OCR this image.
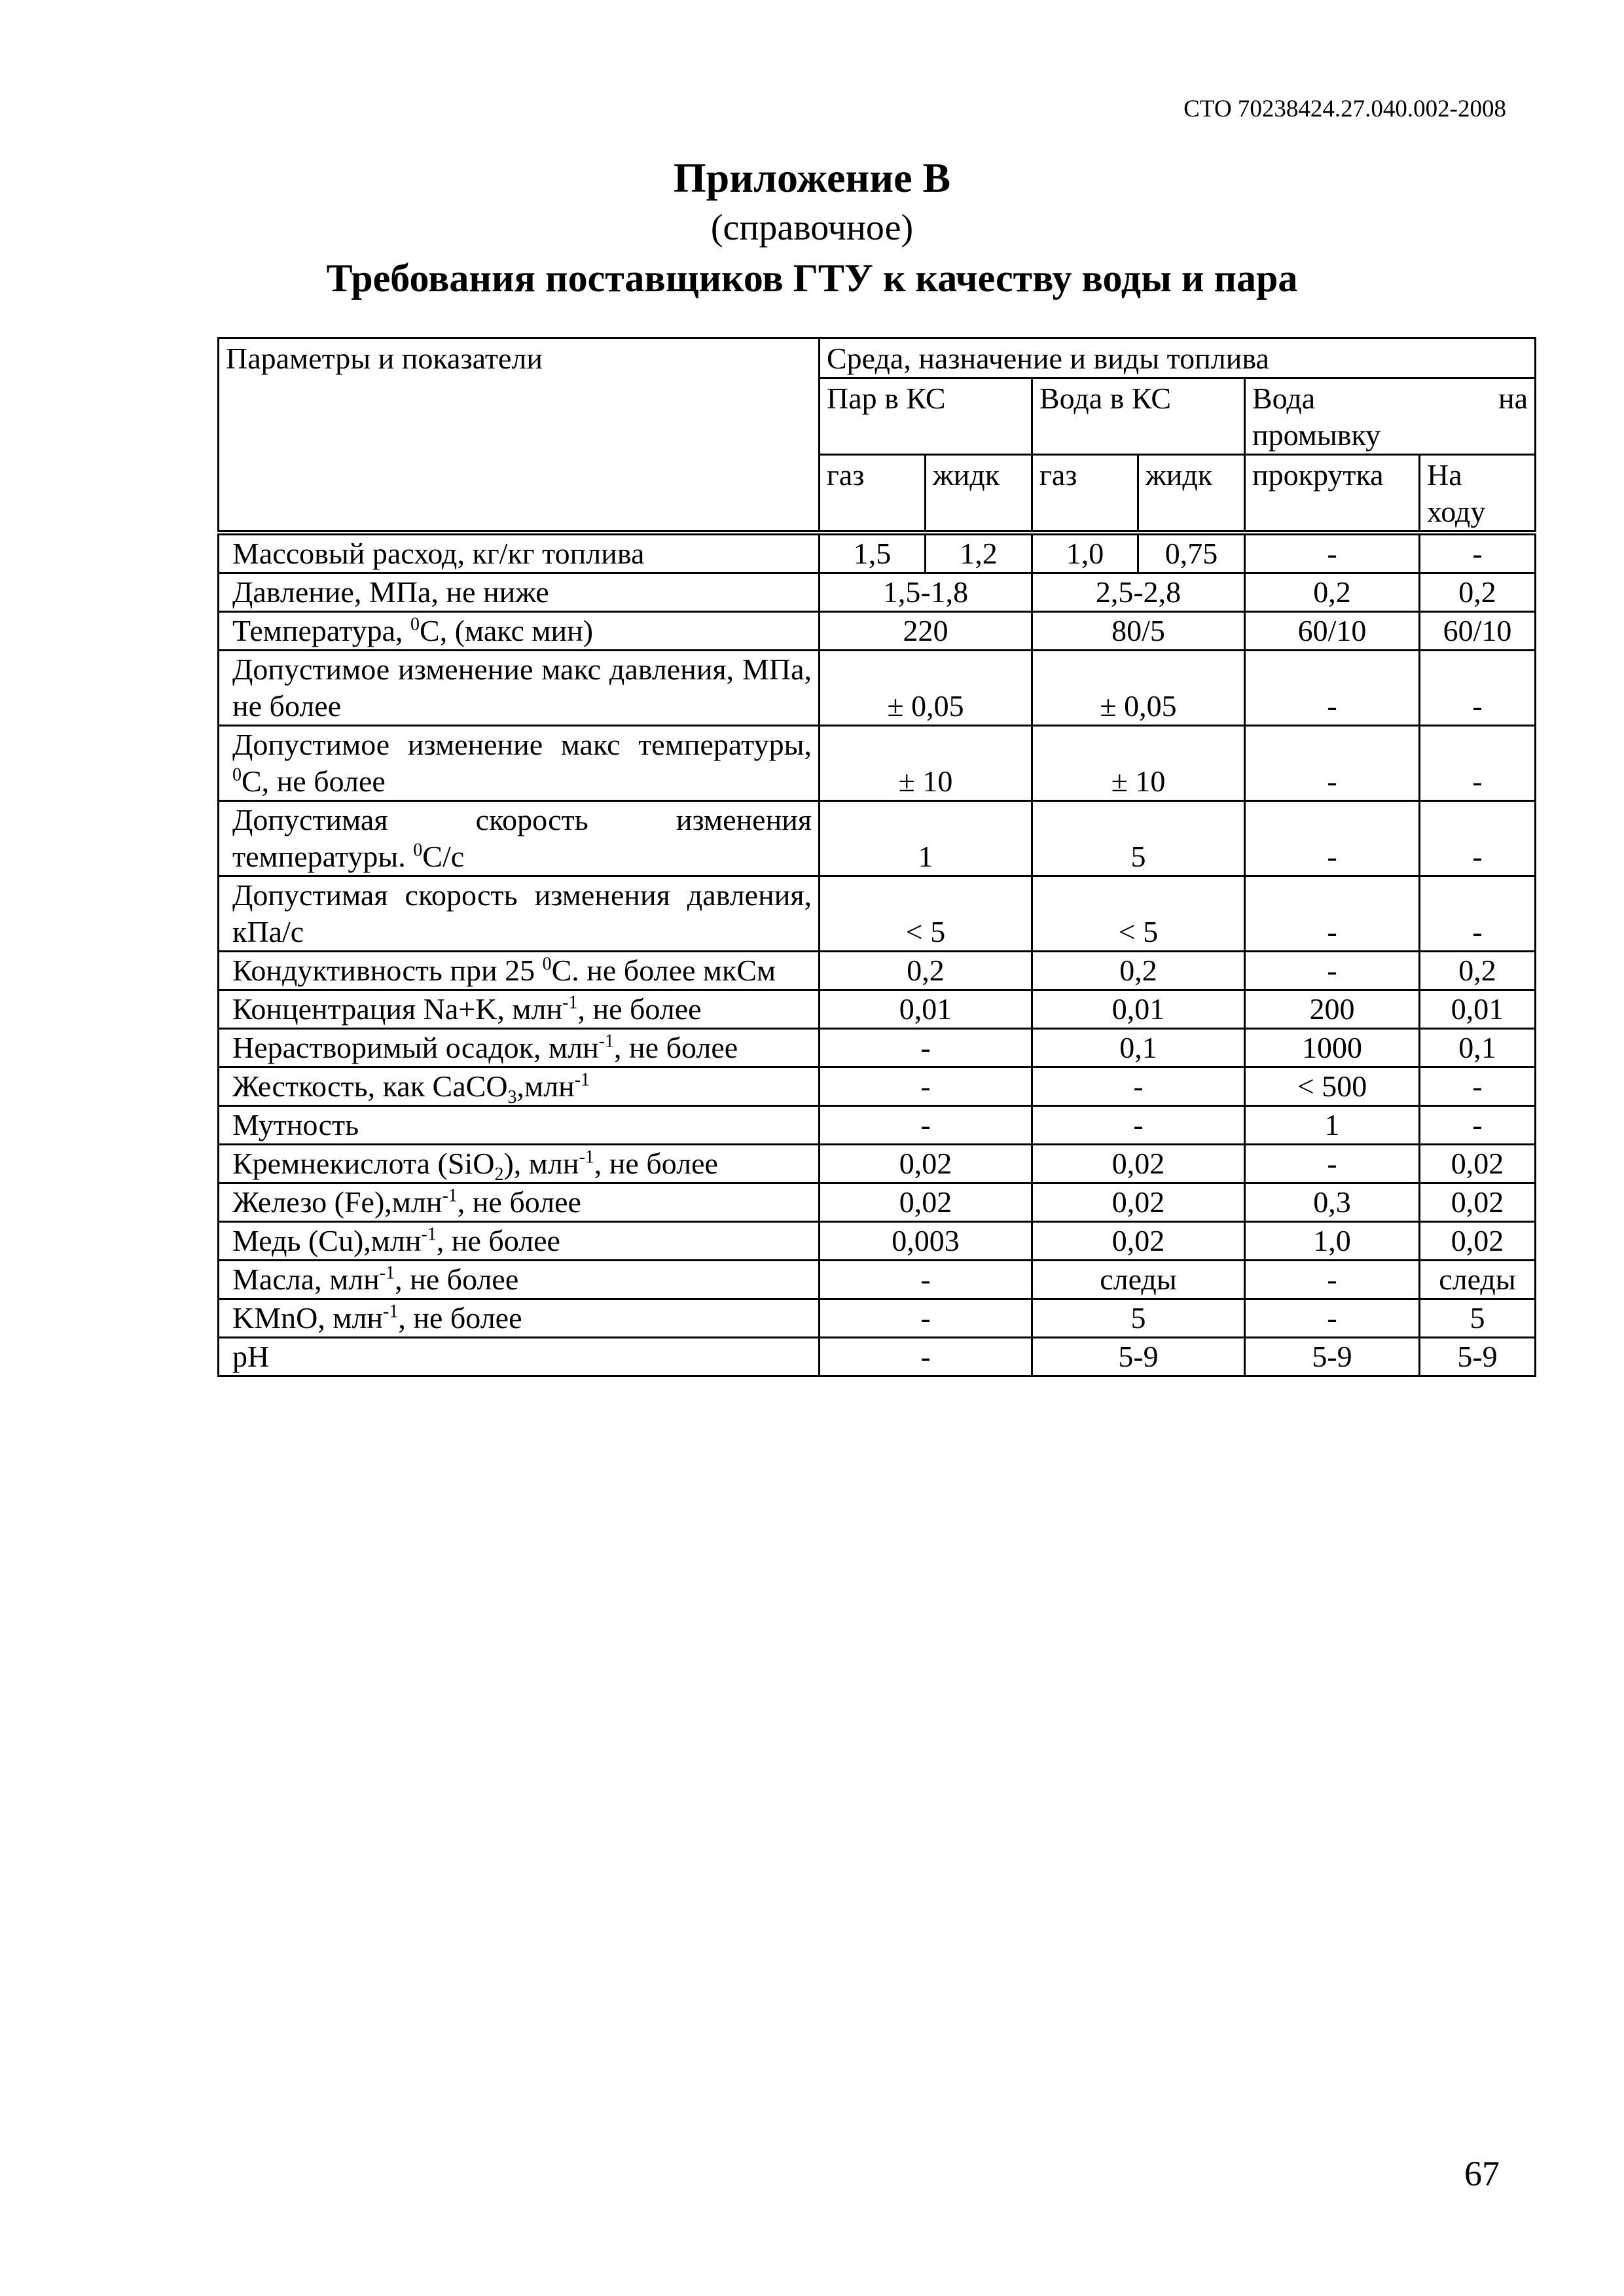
СТО 70238424.27.040.002-2008
Приложение В
(справочное)
Требования поставщиков ГТУ к качеству воды и пара
Параметры и показатели	Среда, назначение и виды топлива					
	Пар в КС		Вода в КС		Вода на
промывку	

	газ	жидк	газ	жидк	прокрутка	На ходу
Массовый расход, кг/кг топлива	1,5	1,2	1,0	0,75	-	-
Давление, МПа, не ниже	1,5-1,8		2,5-2,8		0,2	0,2
Температура, $^0$С, (макс мин)	220		80/5		60/10	60/10
Допустимое изменение макс давления, МПа, не более	± 0,05		± 0,05		-	-
Допустимое изменение макс температуры, $^0$С, не более	± 10		± 10		-	-
Допустимая скорость изменения температуры. $^0$С/с	1		5		-	-
Допустимая скорость изменения давления, кПа/с	< 5		< 5		-	-
Кондуктивность при 25 $^0$С. не более мкСм	0,2		0,2		-	0,2
Концентрация Na+K, млн$^{-1}$, не более	0,01		0,01		200	0,01
Нерастворимый осадок, млн$^{-1}$, не более	-		0,1		1000	0,1
Жесткость, как CaCO$_3$,млн$^{-1}$	-		-		< 500	-
Мутность	-		-		1	-
Кремнекислота (SiO$_2$), млн$^{-1}$, не более	0,02		0,02		-	0,02
Железо (Fe),млн$^{-1}$, не более	0,02		0,02		0,3	0,02
Медь (Cu),млн$^{-1}$, не более	0,003		0,02		1,0	0,02
Масла, млн$^{-1}$, не более	-		следы		-	следы
KMnO, млн$^{-1}$, не более	-		5		-	5
pH	-		5-9		5-9	5-9
67
